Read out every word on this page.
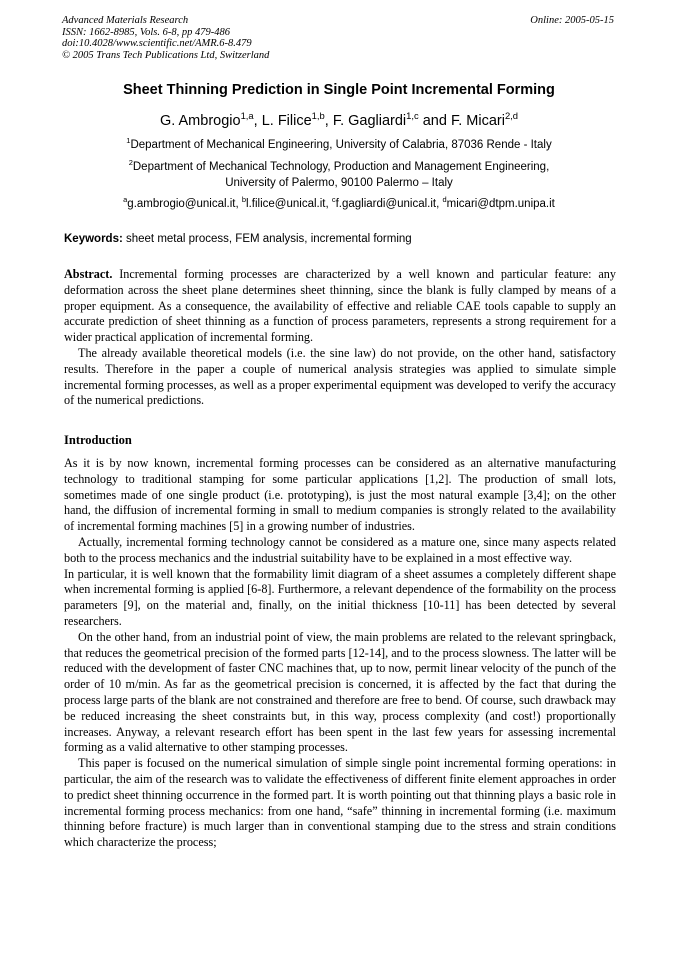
Advanced Materials Research
ISSN: 1662-8985, Vols. 6-8, pp 479-486
doi:10.4028/www.scientific.net/AMR.6-8.479
© 2005 Trans Tech Publications Ltd, Switzerland
Online: 2005-05-15
Sheet Thinning Prediction in Single Point Incremental Forming
G. Ambrogio$^{1,a}$, L. Filice$^{1,b}$, F. Gagliardi$^{1,c}$ and F. Micari$^{2,d}$
$^1$Department of Mechanical Engineering, University of Calabria, 87036 Rende - Italy
$^2$Department of Mechanical Technology, Production and Management Engineering,
University of Palermo, 90100 Palermo – Italy
$^a$g.ambrogio@unical.it, $^b$l.filice@unical.it, $^c$f.gagliardi@unical.it, $^d$micari@dtpm.unipa.it
Keywords: sheet metal process, FEM analysis, incremental forming

Abstract. Incremental forming processes are characterized by a well known and particular feature: any deformation across the sheet plane determines sheet thinning, since the blank is fully clamped by means of a proper equipment. As a consequence, the availability of effective and reliable CAE tools capable to supply an accurate prediction of sheet thinning as a function of process parameters, represents a strong requirement for a wider practical application of incremental forming.

The already available theoretical models (i.e. the sine law) do not provide, on the other hand, satisfactory results. Therefore in the paper a couple of numerical analysis strategies was applied to simulate simple incremental forming processes, as well as a proper experimental equipment was developed to verify the accuracy of the numerical predictions.

Introduction

As it is by now known, incremental forming processes can be considered as an alternative manufacturing technology to traditional stamping for some particular applications [1,2]. The production of small lots, sometimes made of one single product (i.e. prototyping), is just the most natural example [3,4]; on the other hand, the diffusion of incremental forming in small to medium companies is strongly related to the availability of incremental forming machines [5] in a growing number of industries.

Actually, incremental forming technology cannot be considered as a mature one, since many aspects related both to the process mechanics and the industrial suitability have to be explained in a most effective way.

In particular, it is well known that the formability limit diagram of a sheet assumes a completely different shape when incremental forming is applied [6-8]. Furthermore, a relevant dependence of the formability on the process parameters [9], on the material and, finally, on the initial thickness [10-11] has been detected by several researchers.

On the other hand, from an industrial point of view, the main problems are related to the relevant springback, that reduces the geometrical precision of the formed parts [12-14], and to the process slowness. The latter will be reduced with the development of faster CNC machines that, up to now, permit linear velocity of the punch of the order of 10 m/min. As far as the geometrical precision is concerned, it is affected by the fact that during the process large parts of the blank are not constrained and therefore are free to bend. Of course, such drawback may be reduced increasing the sheet constraints but, in this way, process complexity (and cost!) proportionally increases. Anyway, a relevant research effort has been spent in the last few years for assessing incremental forming as a valid alternative to other stamping processes.

This paper is focused on the numerical simulation of simple single point incremental forming operations: in particular, the aim of the research was to validate the effectiveness of different finite element approaches in order to predict sheet thinning occurrence in the formed part. It is worth pointing out that thinning plays a basic role in incremental forming process mechanics: from one hand, “safe” thinning in incremental forming (i.e. maximum thinning before fracture) is much larger than in conventional stamping due to the stress and strain conditions which characterize the process;
